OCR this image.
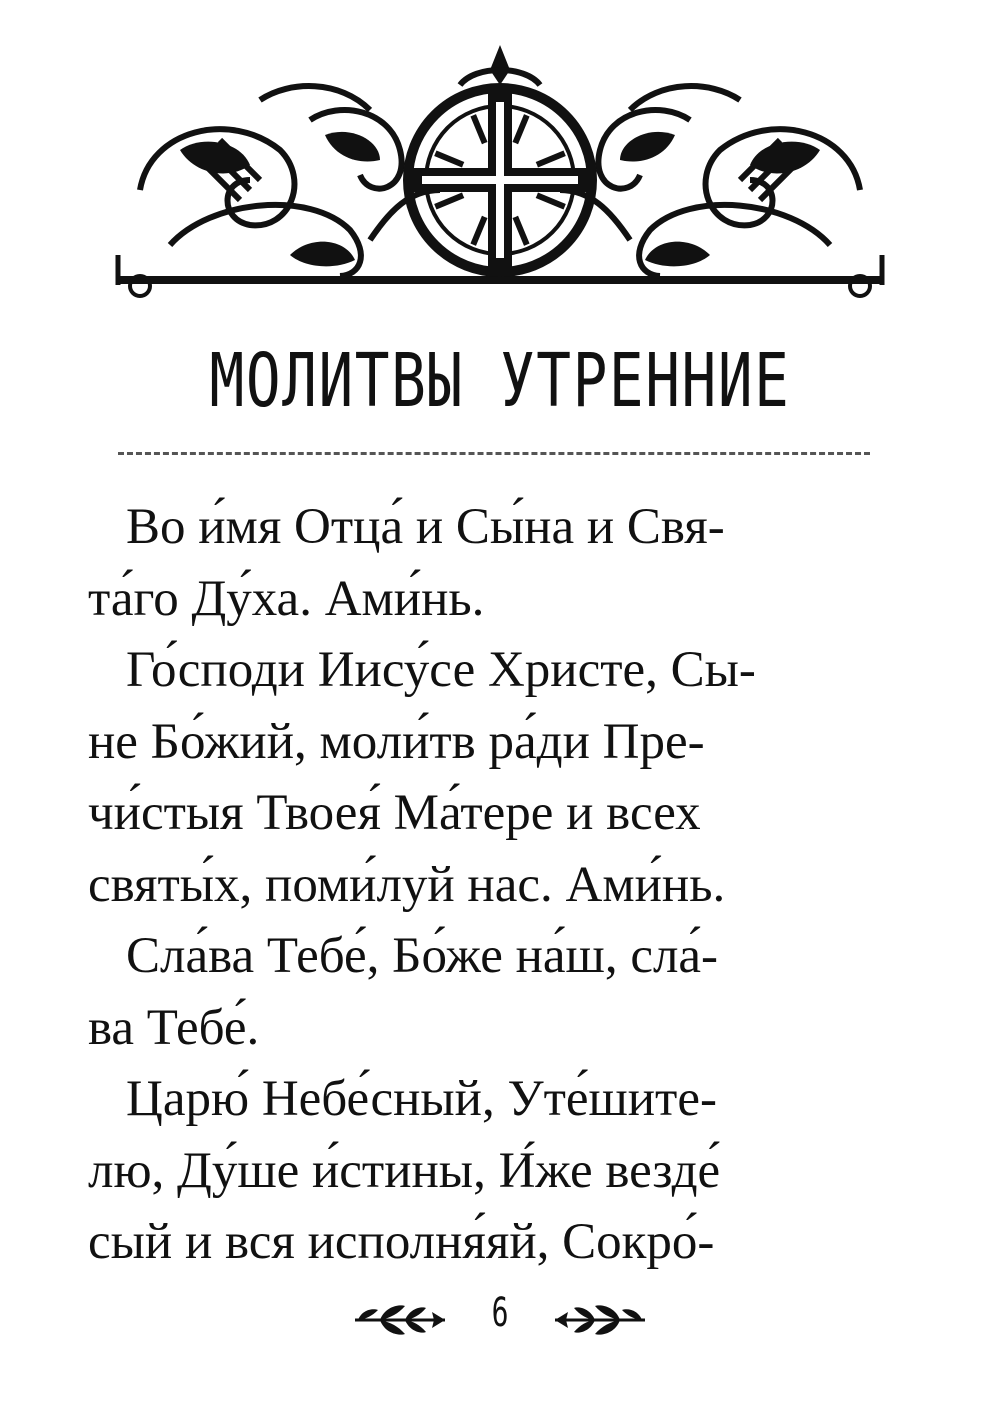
МОЛИТВЫ УТРЕННИЕ
Во и́мя Отца́ и Сы́на и Свя-
та́го Ду́ха. Ами́нь.
Го́споди Иису́се Христе, Сы-
не Бо́жий, моли́тв ра́ди Пре-
чи́стыя Твоея́ Ма́тере и всех
святы́х, поми́луй нас. Ами́нь.
Сла́ва Тебе́, Бо́же на́ш, сла́-
ва Тебе́.
Царю́ Небе́сный, Уте́шите-
лю, Ду́ше и́стины, И́же везде́
сый и вся исполня́яй, Сокро́-
6
